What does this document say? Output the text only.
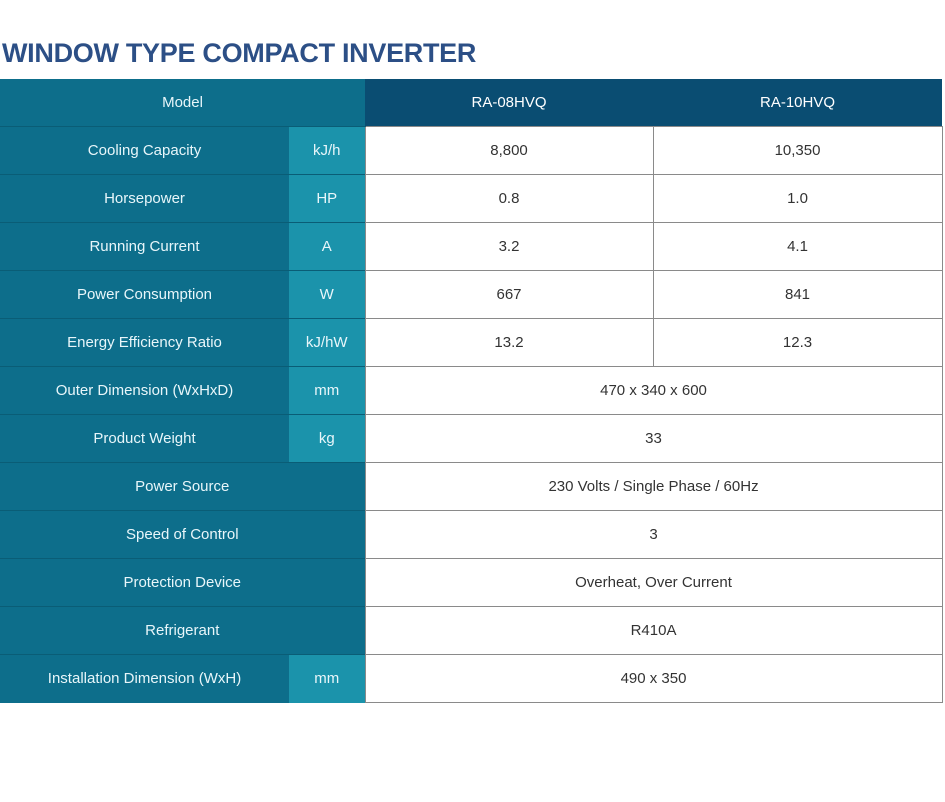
WINDOW TYPE COMPACT INVERTER
Model		RA-08HVQ	RA-10HVQ
Cooling Capacity	kJ/h	8,800	10,350
Horsepower	HP	0.8	1.0
Running Current	A	3.2	4.1
Power Consumption	W	667	841
Energy Efficiency Ratio	kJ/hW	13.2	12.3
Outer Dimension (WxHxD)	mm	470 x 340 x 600	
Product Weight	kg	33	
Power Source		230 Volts / Single Phase / 60Hz	
Speed of Control		3	
Protection Device		Overheat, Over Current	
Refrigerant		R410A	
Installation Dimension (WxH)	mm	490 x 350	
